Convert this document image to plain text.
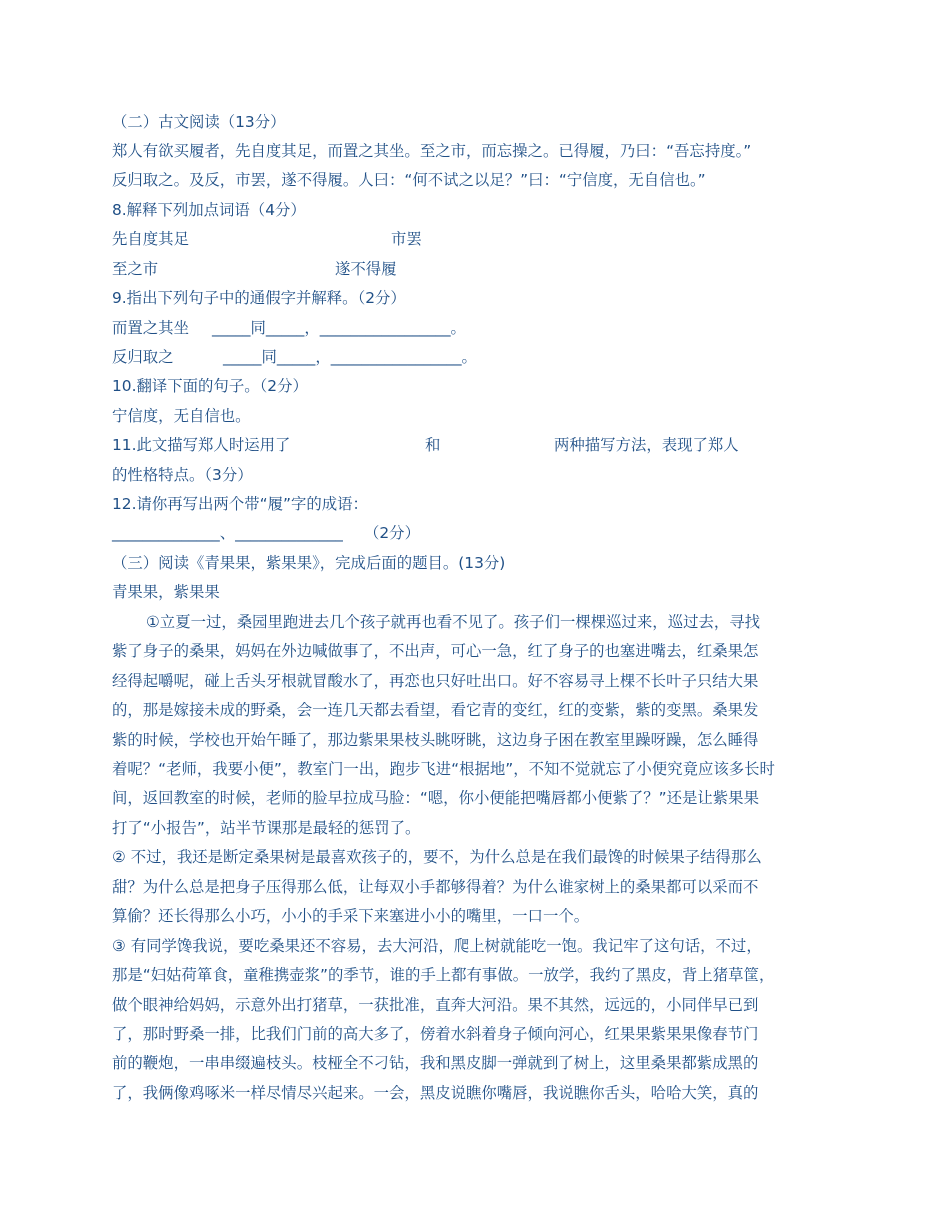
（二）古文阅读（13分）
郑人有欲买履者，先自度其足，而置之其坐。至之市，而忘操之。已得履，乃曰：“吾忘持度。”
反归取之。及反，市罢，遂不得履。人曰：“何不试之以足？”曰：“宁信度，无自信也。”
8.解释下列加点词语（4分）
先自度其足	市罢
至之市	遂不得履
9.指出下列句子中的通假字并解释。（2分）
而置之其坐 _____同_____，_________________。
反归取之	_____同_____，_________________。
10.翻译下面的句子。（2分）
宁信度，无自信也。
11.此文描写郑人时运用了	和	两种描写方法，表现了郑人
的性格特点。（3分）
12.请你再写出两个带“履”字的成语：
______________、______________ （2分）
（三）阅读《青果果，紫果果》，完成后面的题目。(13分)
青果果，紫果果
①立夏一过，桑园里跑进去几个孩子就再也看不见了。孩子们一棵棵巡过来，巡过去，寻找
紫了身子的桑果，妈妈在外边喊做事了，不出声，可心一急，红了身子的也塞进嘴去，红桑果怎
经得起嚼呢，碰上舌头牙根就冒酸水了，再恋也只好吐出口。好不容易寻上棵不长叶子只结大果
的，那是嫁接未成的野桑，会一连几天都去看望，看它青的变红，红的变紫，紫的变黑。桑果发
紫的时候，学校也开始午睡了，那边紫果果枝头眺呀眺，这边身子困在教室里躁呀躁，怎么睡得
着呢？“老师，我要小便”，教室门一出，跑步飞进“根据地”，不知不觉就忘了小便究竟应该多长时
间，返回教室的时候，老师的脸早拉成马脸：“嗯，你小便能把嘴唇都小便紫了？”还是让紫果果
打了“小报告”，站半节课那是最轻的惩罚了。
② 不过，我还是断定桑果树是最喜欢孩子的，要不，为什么总是在我们最馋的时候果子结得那么
甜？为什么总是把身子压得那么低，让每双小手都够得着？为什么谁家树上的桑果都可以采而不
算偷？还长得那么小巧，小小的手采下来塞进小小的嘴里，一口一个。
③ 有同学馋我说，要吃桑果还不容易，去大河沿，爬上树就能吃一饱。我记牢了这句话，不过，
那是“妇姑荷箪食，童稚携壶浆”的季节，谁的手上都有事做。一放学，我约了黑皮，背上猪草筐，
做个眼神给妈妈，示意外出打猪草，一获批准，直奔大河沿。果不其然，远远的，小同伴早已到
了，那时野桑一排，比我们门前的高大多了，傍着水斜着身子倾向河心，红果果紫果果像春节门
前的鞭炮，一串串缀遍枝头。枝桠全不刁钻，我和黑皮脚一弹就到了树上，这里桑果都紫成黑的
了，我俩像鸡啄米一样尽情尽兴起来。一会，黑皮说瞧你嘴唇，我说瞧你舌头，哈哈大笑，真的
